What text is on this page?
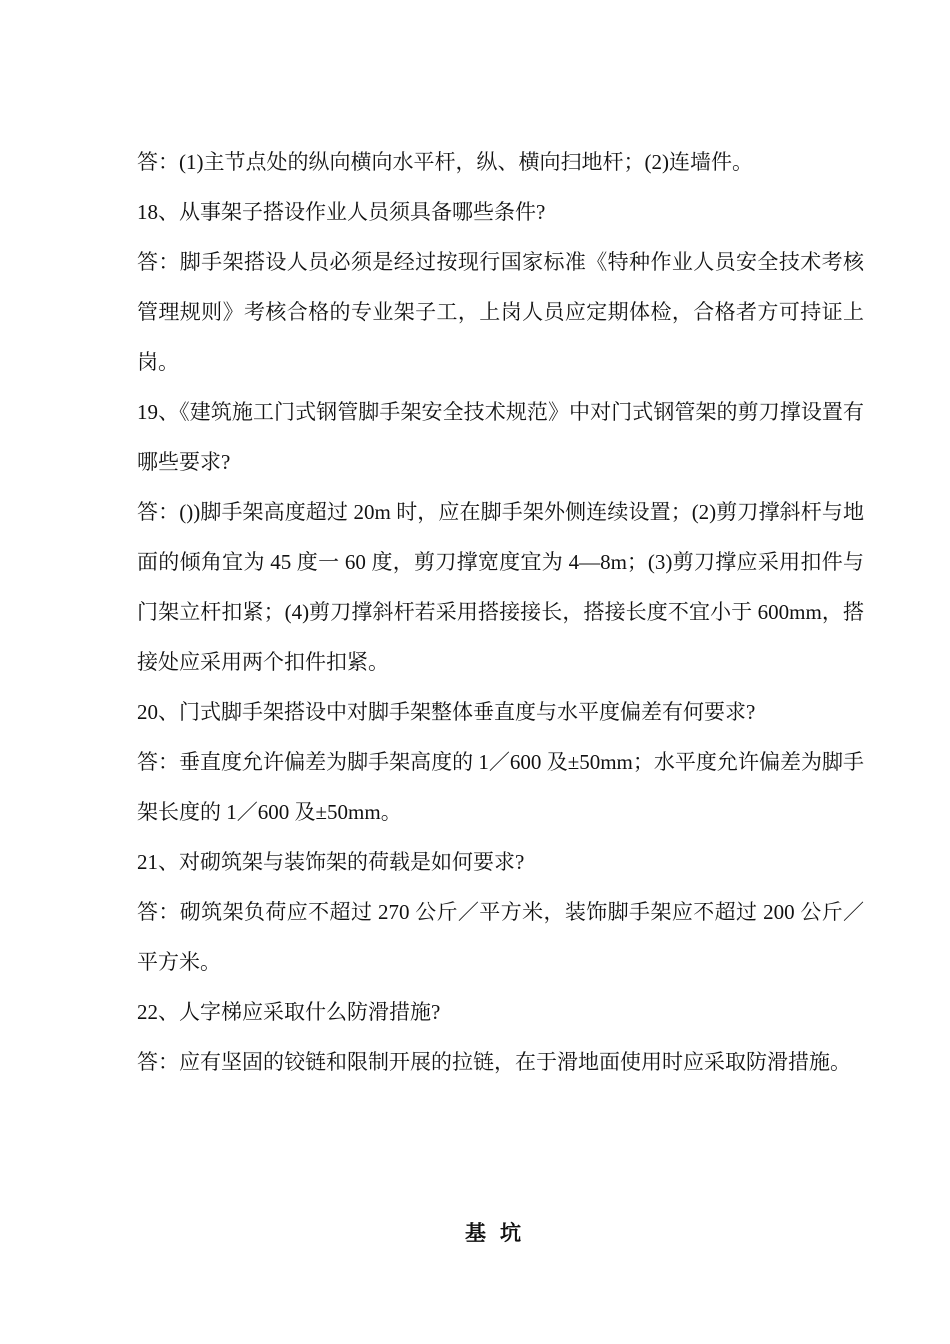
答：(1)主节点处的纵向横向水平杆，纵、横向扫地杆；(2)连墙件。

18、从事架子搭设作业人员须具备哪些条件?

答：脚手架搭设人员必须是经过按现行国家标准《特种作业人员安全技术考核管理规则》考核合格的专业架子工，上岗人员应定期体检，合格者方可持证上岗。

19、《建筑施工门式钢管脚手架安全技术规范》中对门式钢管架的剪刀撑设置有哪些要求?

答：())脚手架高度超过 20m 时，应在脚手架外侧连续设置；(2)剪刀撑斜杆与地面的倾角宜为 45 度一 60 度，剪刀撑宽度宜为 4—8m；(3)剪刀撑应采用扣件与门架立杆扣紧；(4)剪刀撑斜杆若采用搭接接长，搭接长度不宜小于 600mm，搭接处应采用两个扣件扣紧。

20、门式脚手架搭设中对脚手架整体垂直度与水平度偏差有何要求?

答：垂直度允许偏差为脚手架高度的 1／600 及±50mm；水平度允许偏差为脚手架长度的 1／600 及±50mm。

21、对砌筑架与装饰架的荷载是如何要求?

答：砌筑架负荷应不超过 270 公斤／平方米，装饰脚手架应不超过 200 公斤／平方米。

22、人字梯应采取什么防滑措施?

答：应有坚固的铰链和限制开展的拉链，在于滑地面使用时应采取防滑措施。

基坑
